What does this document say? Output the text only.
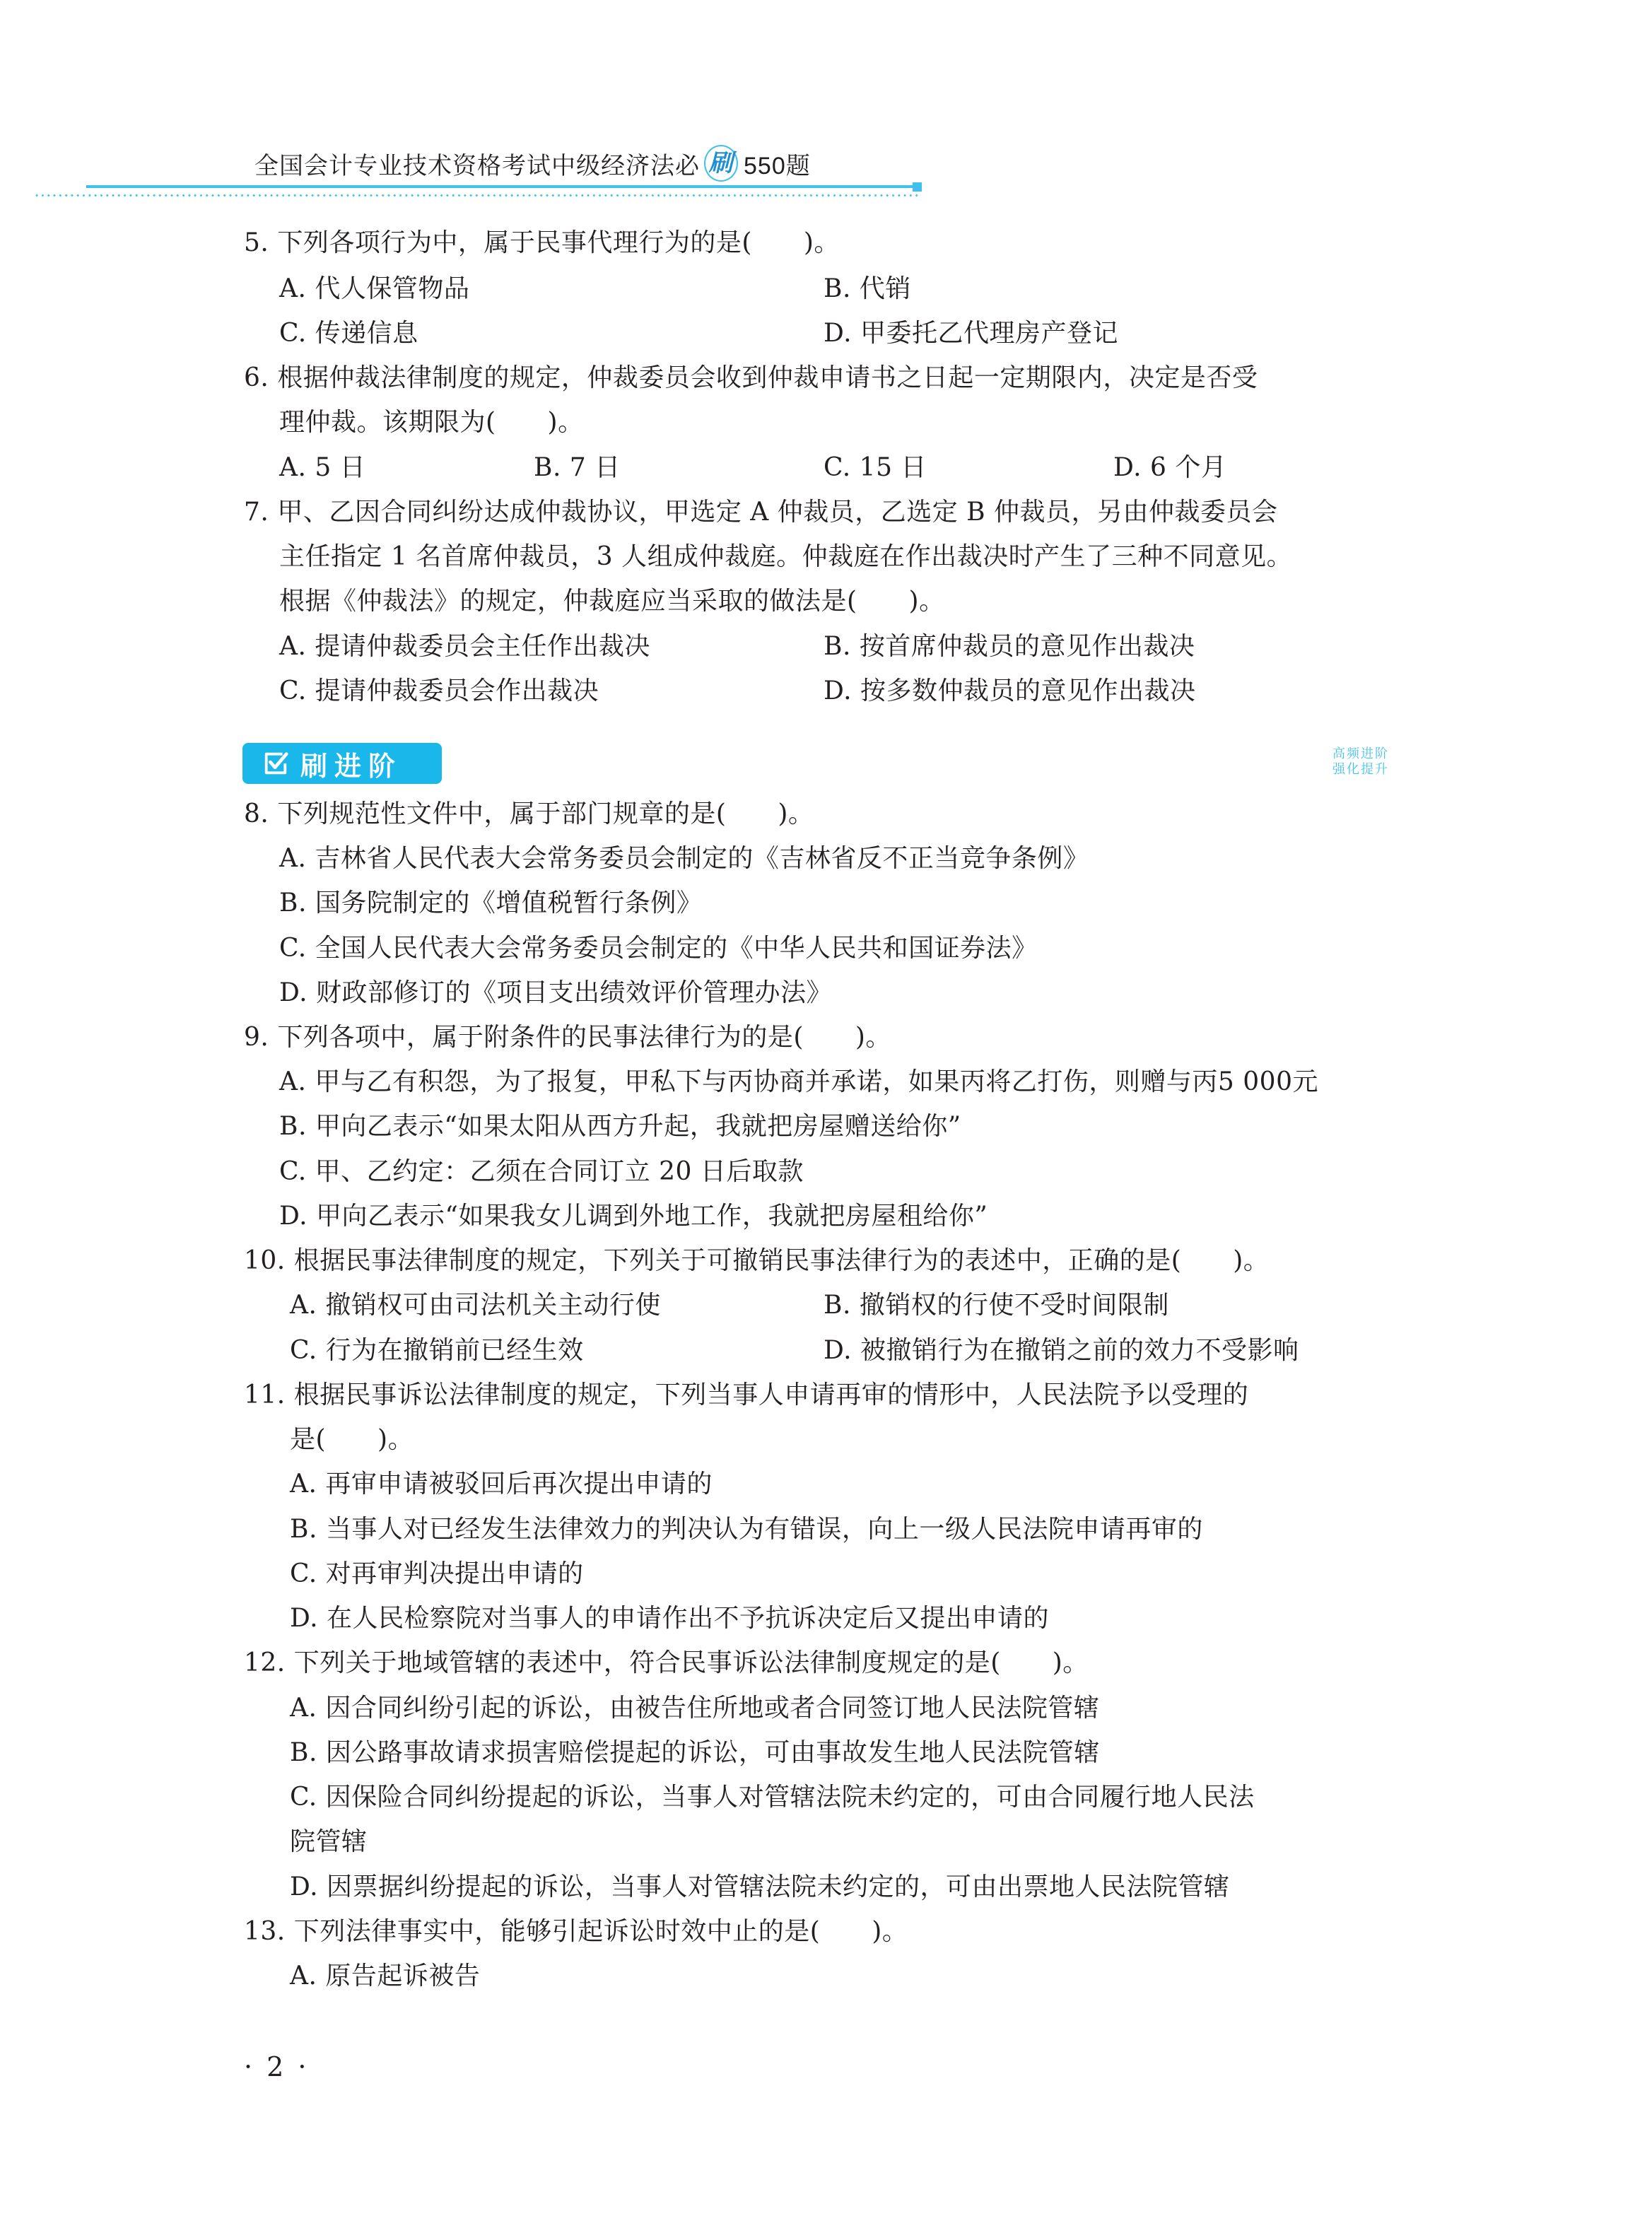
全国会计专业技术资格考试中级经济法必 刷 550题
5. 下列各项行为中，属于民事代理行为的是(　　)。
A. 代人保管物品	B. 代销
C. 传递信息	D. 甲委托乙代理房产登记
6. 根据仲裁法律制度的规定，仲裁委员会收到仲裁申请书之日起一定期限内，决定是否受
理仲裁。该期限为(　　)。
A. 5 日	B. 7 日	C. 15 日	D. 6 个月
7. 甲、乙因合同纠纷达成仲裁协议，甲选定 A 仲裁员，乙选定 B 仲裁员，另由仲裁委员会
主任指定 1 名首席仲裁员，3 人组成仲裁庭。仲裁庭在作出裁决时产生了三种不同意见。
根据《仲裁法》的规定，仲裁庭应当采取的做法是(　　)。
A. 提请仲裁委员会主任作出裁决	B. 按首席仲裁员的意见作出裁决
C. 提请仲裁委员会作出裁决	D. 按多数仲裁员的意见作出裁决
刷进阶	高频进阶
强化提升
8. 下列规范性文件中，属于部门规章的是(　　)。
A. 吉林省人民代表大会常务委员会制定的《吉林省反不正当竞争条例》
B. 国务院制定的《增值税暂行条例》
C. 全国人民代表大会常务委员会制定的《中华人民共和国证券法》
D. 财政部修订的《项目支出绩效评价管理办法》
9. 下列各项中，属于附条件的民事法律行为的是(　　)。
A. 甲与乙有积怨，为了报复，甲私下与丙协商并承诺，如果丙将乙打伤，则赠与丙5 000元
B. 甲向乙表示“如果太阳从西方升起，我就把房屋赠送给你”
C. 甲、乙约定：乙须在合同订立 20 日后取款
D. 甲向乙表示“如果我女儿调到外地工作，我就把房屋租给你”
10. 根据民事法律制度的规定，下列关于可撤销民事法律行为的表述中，正确的是(　　)。
A. 撤销权可由司法机关主动行使	B. 撤销权的行使不受时间限制
C. 行为在撤销前已经生效	D. 被撤销行为在撤销之前的效力不受影响
11. 根据民事诉讼法律制度的规定，下列当事人申请再审的情形中，人民法院予以受理的
是(　　)。
A. 再审申请被驳回后再次提出申请的
B. 当事人对已经发生法律效力的判决认为有错误，向上一级人民法院申请再审的
C. 对再审判决提出申请的
D. 在人民检察院对当事人的申请作出不予抗诉决定后又提出申请的
12. 下列关于地域管辖的表述中，符合民事诉讼法律制度规定的是(　　)。
A. 因合同纠纷引起的诉讼，由被告住所地或者合同签订地人民法院管辖
B. 因公路事故请求损害赔偿提起的诉讼，可由事故发生地人民法院管辖
C. 因保险合同纠纷提起的诉讼，当事人对管辖法院未约定的，可由合同履行地人民法
院管辖
D. 因票据纠纷提起的诉讼，当事人对管辖法院未约定的，可由出票地人民法院管辖
13. 下列法律事实中，能够引起诉讼时效中止的是(　　)。
A. 原告起诉被告
· 2 ·
